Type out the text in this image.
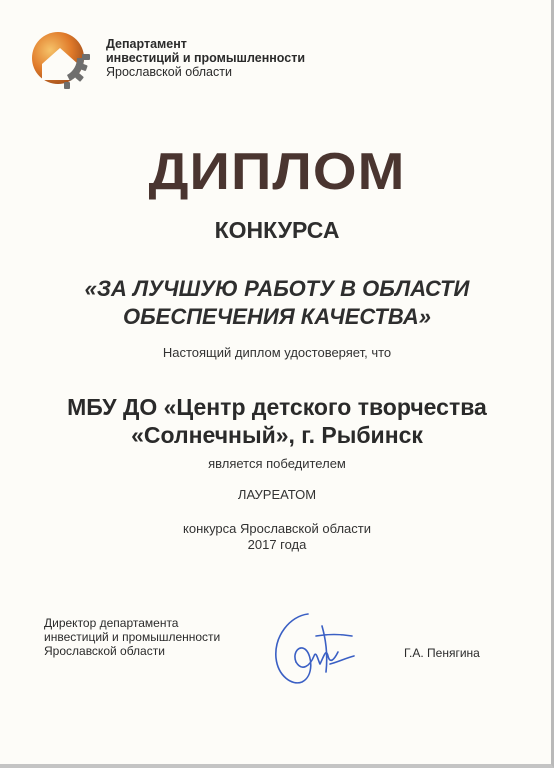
Департамент
инвестиций и промышленности
Ярославской области
ДИПЛОМ
КОНКУРСА
«ЗА ЛУЧШУЮ РАБОТУ В ОБЛАСТИ
ОБЕСПЕЧЕНИЯ КАЧЕСТВА»
Настоящий диплом удостоверяет, что
МБУ ДО «Центр детского творчества
«Солнечный», г. Рыбинск
является победителем
ЛАУРЕАТОМ
конкурса Ярославской области
2017 года
Директор департамента
инвестиций и промышленности
Ярославской области	Г.А. Пенягина
